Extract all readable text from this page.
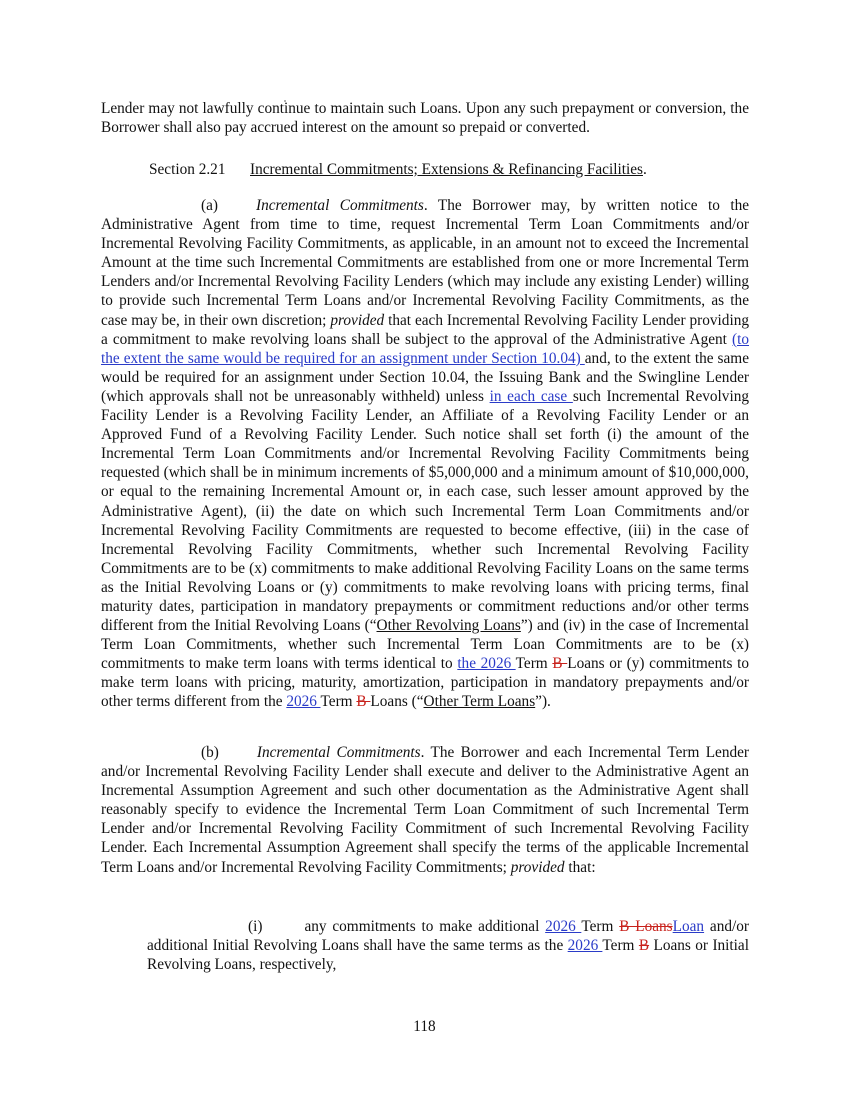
Lender may not lawfully continue to maintain such Loans. Upon any such prepayment or conversion, the Borrower shall also pay accrued interest on the amount so prepaid or converted.

Section 2.21 Incremental Commitments; Extensions & Refinancing Facilities.

(a) Incremental Commitments. The Borrower may, by written notice to the Administrative Agent from time to time, request Incremental Term Loan Commitments and/or Incremental Revolving Facility Commitments, as applicable, in an amount not to exceed the Incremental Amount at the time such Incremental Commitments are established from one or more Incremental Term Lenders and/or Incremental Revolving Facility Lenders (which may include any existing Lender) willing to provide such Incremental Term Loans and/or Incremental Revolving Facility Commitments, as the case may be, in their own discretion; provided that each Incremental Revolving Facility Lender providing a commitment to make revolving loans shall be subject to the approval of the Administrative Agent (to the extent the same would be required for an assignment under Section 10.04) and, to the extent the same would be required for an assignment under Section 10.04, the Issuing Bank and the Swingline Lender (which approvals shall not be unreasonably withheld) unless in each case such Incremental Revolving Facility Lender is a Revolving Facility Lender, an Affiliate of a Revolving Facility Lender or an Approved Fund of a Revolving Facility Lender. Such notice shall set forth (i) the amount of the Incremental Term Loan Commitments and/or Incremental Revolving Facility Commitments being requested (which shall be in minimum increments of $5,000,000 and a minimum amount of $10,000,000, or equal to the remaining Incremental Amount or, in each case, such lesser amount approved by the Administrative Agent), (ii) the date on which such Incremental Term Loan Commitments and/or Incremental Revolving Facility Commitments are requested to become effective, (iii) in the case of Incremental Revolving Facility Commitments, whether such Incremental Revolving Facility Commitments are to be (x) commitments to make additional Revolving Facility Loans on the same terms as the Initial Revolving Loans or (y) commitments to make revolving loans with pricing terms, final maturity dates, participation in mandatory prepayments or commitment reductions and/or other terms different from the Initial Revolving Loans (“Other Revolving Loans”) and (iv) in the case of Incremental Term Loan Commitments, whether such Incremental Term Loan Commitments are to be (x) commitments to make term loans with terms identical to the 2026 Term B Loans or (y) commitments to make term loans with pricing, maturity, amortization, participation in mandatory prepayments and/or other terms different from the 2026 Term B Loans (“Other Term Loans”).

(b) Incremental Commitments. The Borrower and each Incremental Term Lender and/or Incremental Revolving Facility Lender shall execute and deliver to the Administrative Agent an Incremental Assumption Agreement and such other documentation as the Administrative Agent shall reasonably specify to evidence the Incremental Term Loan Commitment of such Incremental Term Lender and/or Incremental Revolving Facility Commitment of such Incremental Revolving Facility Lender. Each Incremental Assumption Agreement shall specify the terms of the applicable Incremental Term Loans and/or Incremental Revolving Facility Commitments; provided that:

(i)	any commitments to make additional 2026 Term B LoansLoan and/or additional Initial Revolving Loans shall have the same terms as the 2026 Term B Loans or Initial Revolving Loans, respectively,

118
